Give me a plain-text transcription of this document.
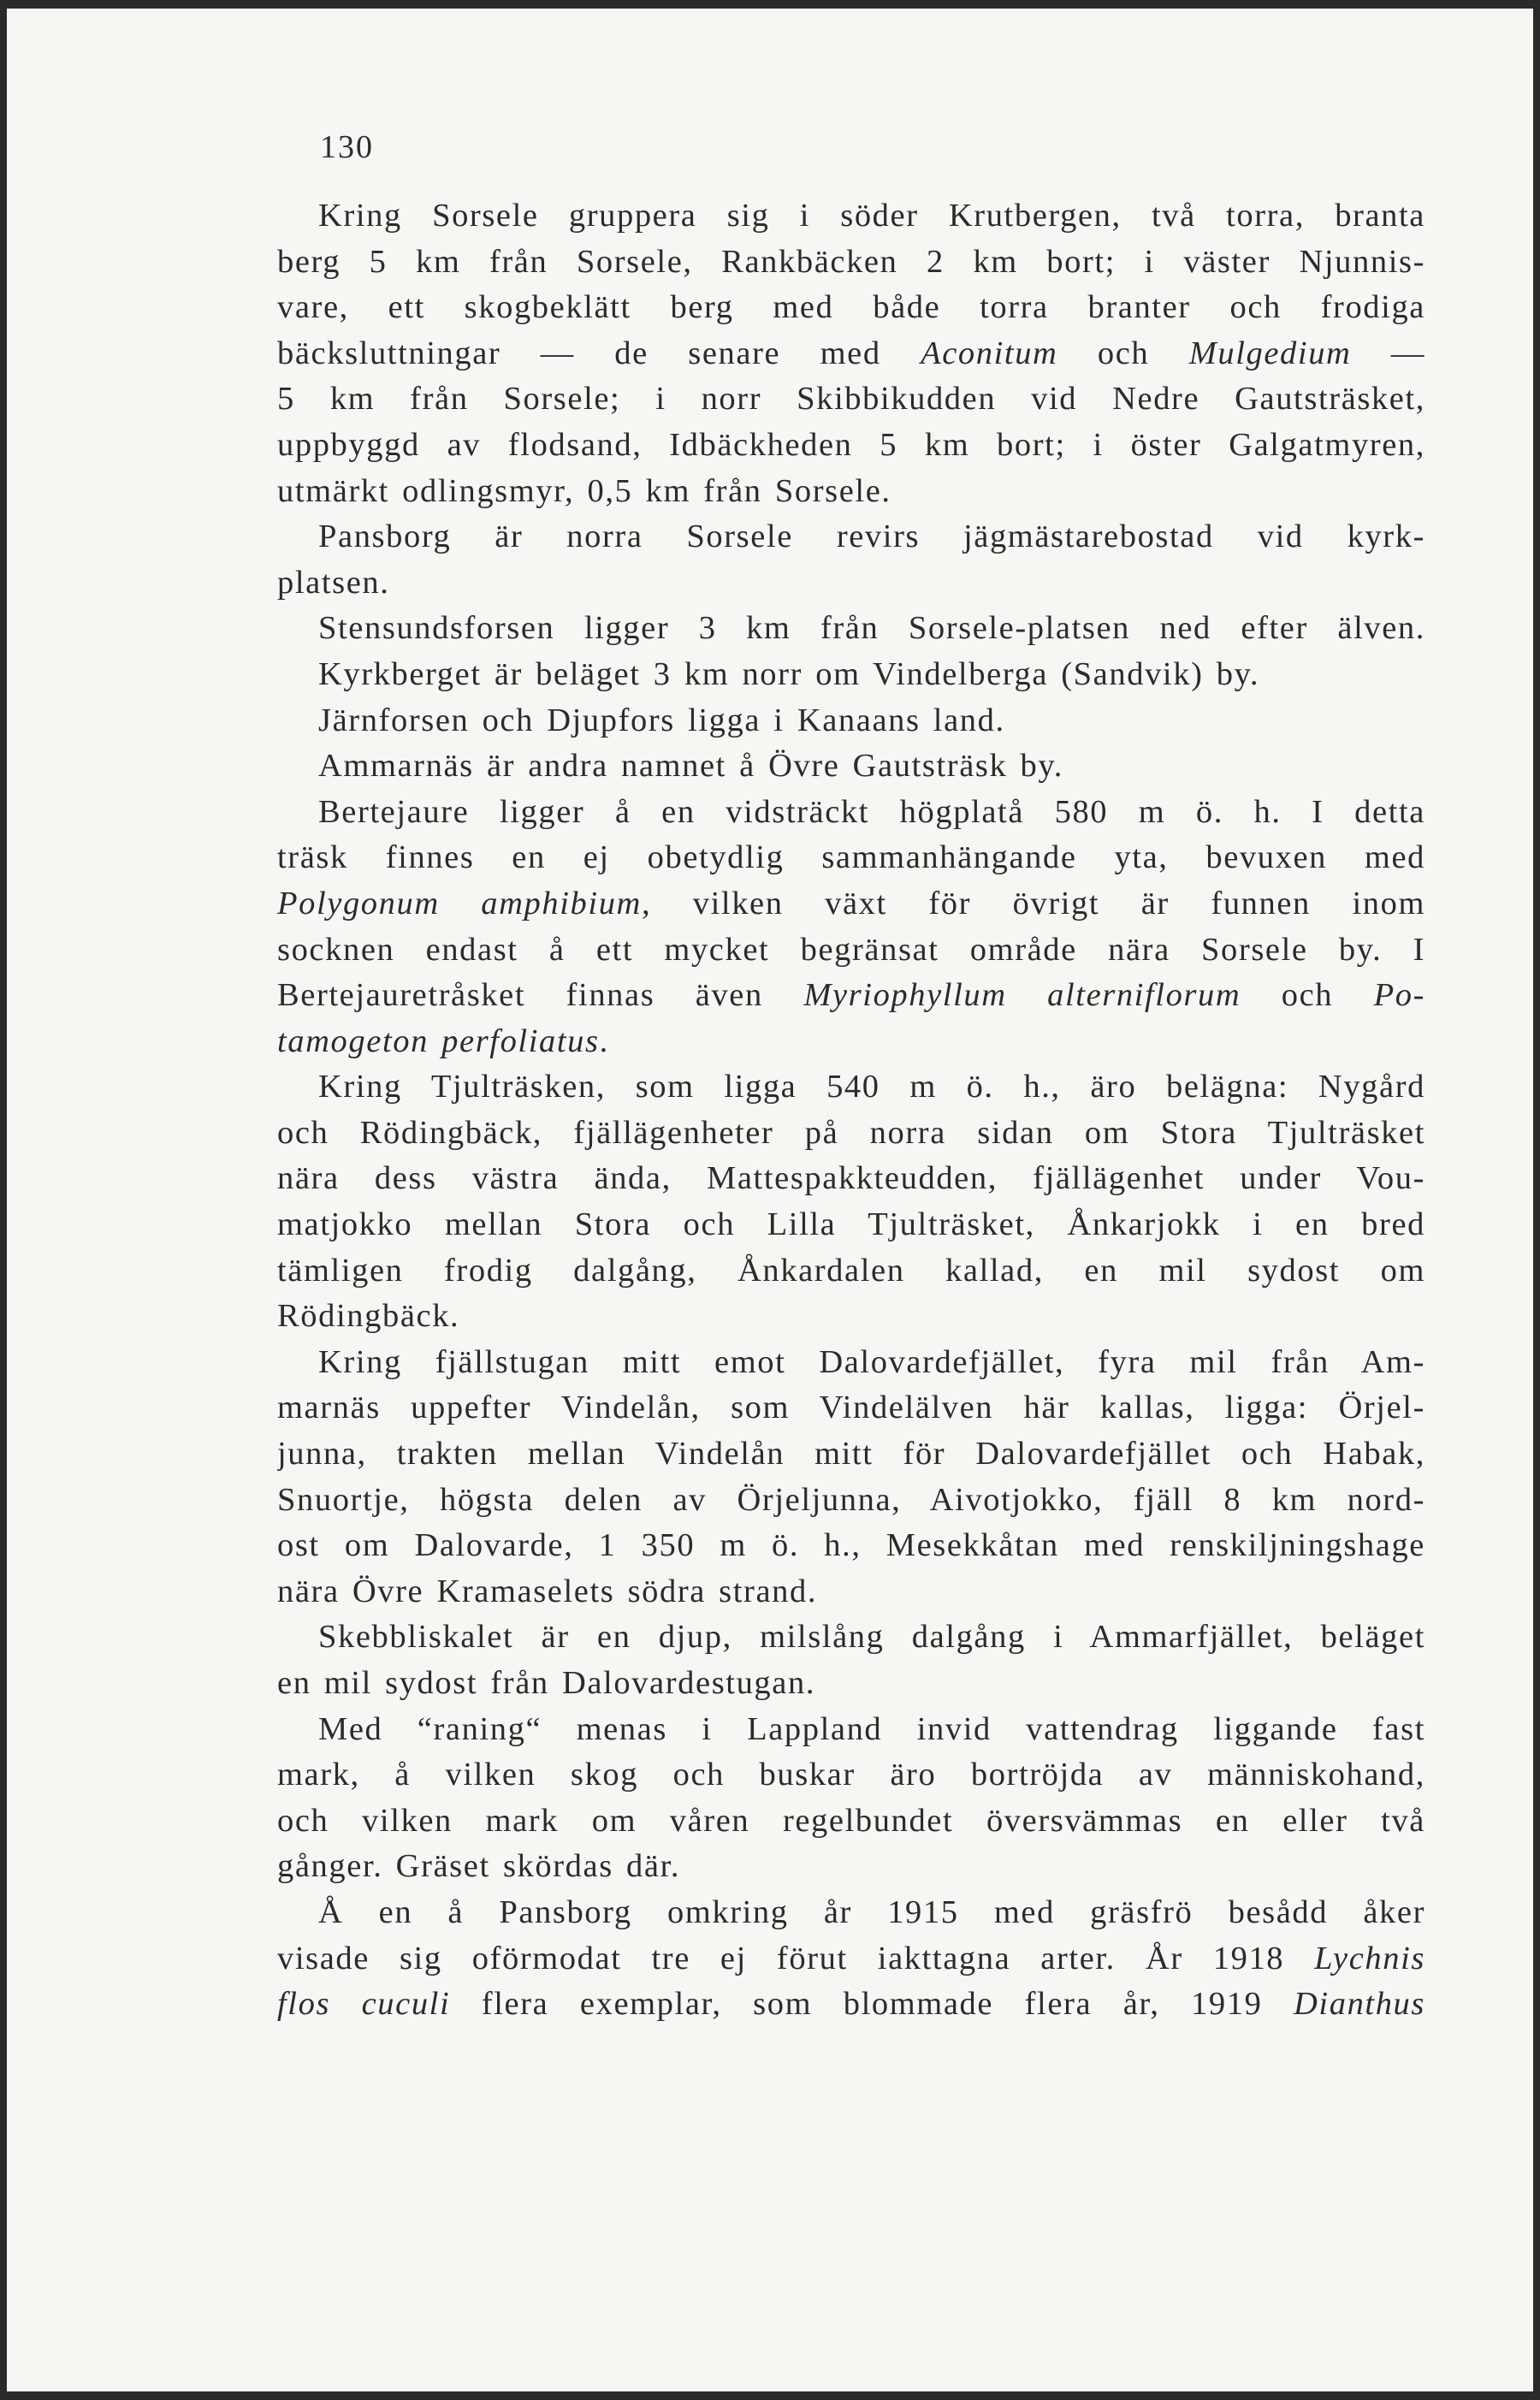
130
Kring Sorsele gruppera sig i söder Krutbergen, två torra, branta
berg 5 km från Sorsele, Rankbäcken 2 km bort; i väster Njunnis-
vare, ett skogbeklätt berg med både torra branter och frodiga
bäcksluttningar — de senare med Aconitum och Mulgedium —
5 km från Sorsele; i norr Skibbikudden vid Nedre Gautsträsket,
uppbyggd av flodsand, Idbäckheden 5 km bort; i öster Galgatmyren,
utmärkt odlingsmyr, 0,5 km från Sorsele.
Pansborg är norra Sorsele revirs jägmästarebostad vid kyrk-
platsen.
Stensundsforsen ligger 3 km från Sorsele-platsen ned efter älven.
Kyrkberget är beläget 3 km norr om Vindelberga (Sandvik) by.
Järnforsen och Djupfors ligga i Kanaans land.
Ammarnäs är andra namnet å Övre Gautsträsk by.
Bertejaure ligger å en vidsträckt högplatå 580 m ö. h. I detta
träsk finnes en ej obetydlig sammanhängande yta, bevuxen med
Polygonum amphibium, vilken växt för övrigt är funnen inom
socknen endast å ett mycket begränsat område nära Sorsele by. I
Bertejauretråsket finnas även Myriophyllum alterniflorum och Po-
tamogeton perfoliatus.
Kring Tjulträsken, som ligga 540 m ö. h., äro belägna: Nygård
och Rödingbäck, fjällägenheter på norra sidan om Stora Tjulträsket
nära dess västra ända, Mattespakkteudden, fjällägenhet under Vou-
matjokko mellan Stora och Lilla Tjulträsket, Ånkarjokk i en bred
tämligen frodig dalgång, Ånkardalen kallad, en mil sydost om
Rödingbäck.
Kring fjällstugan mitt emot Dalovardefjället, fyra mil från Am-
marnäs uppefter Vindelån, som Vindelälven här kallas, ligga: Örjel-
junna, trakten mellan Vindelån mitt för Dalovardefjället och Habak,
Snuortje, högsta delen av Örjeljunna, Aivotjokko, fjäll 8 km nord-
ost om Dalovarde, 1 350 m ö. h., Mesekkåtan med renskiljningshage
nära Övre Kramaselets södra strand.
Skebbliskalet är en djup, milslång dalgång i Ammarfjället, beläget
en mil sydost från Dalovardestugan.
Med “raning“ menas i Lappland invid vattendrag liggande fast
mark, å vilken skog och buskar äro bortröjda av människohand,
och vilken mark om våren regelbundet översvämmas en eller två
gånger. Gräset skördas där.
Å en å Pansborg omkring år 1915 med gräsfrö besådd åker
visade sig oförmodat tre ej förut iakttagna arter. År 1918 Lychnis
flos cuculi flera exemplar, som blommade flera år, 1919 Dianthus
